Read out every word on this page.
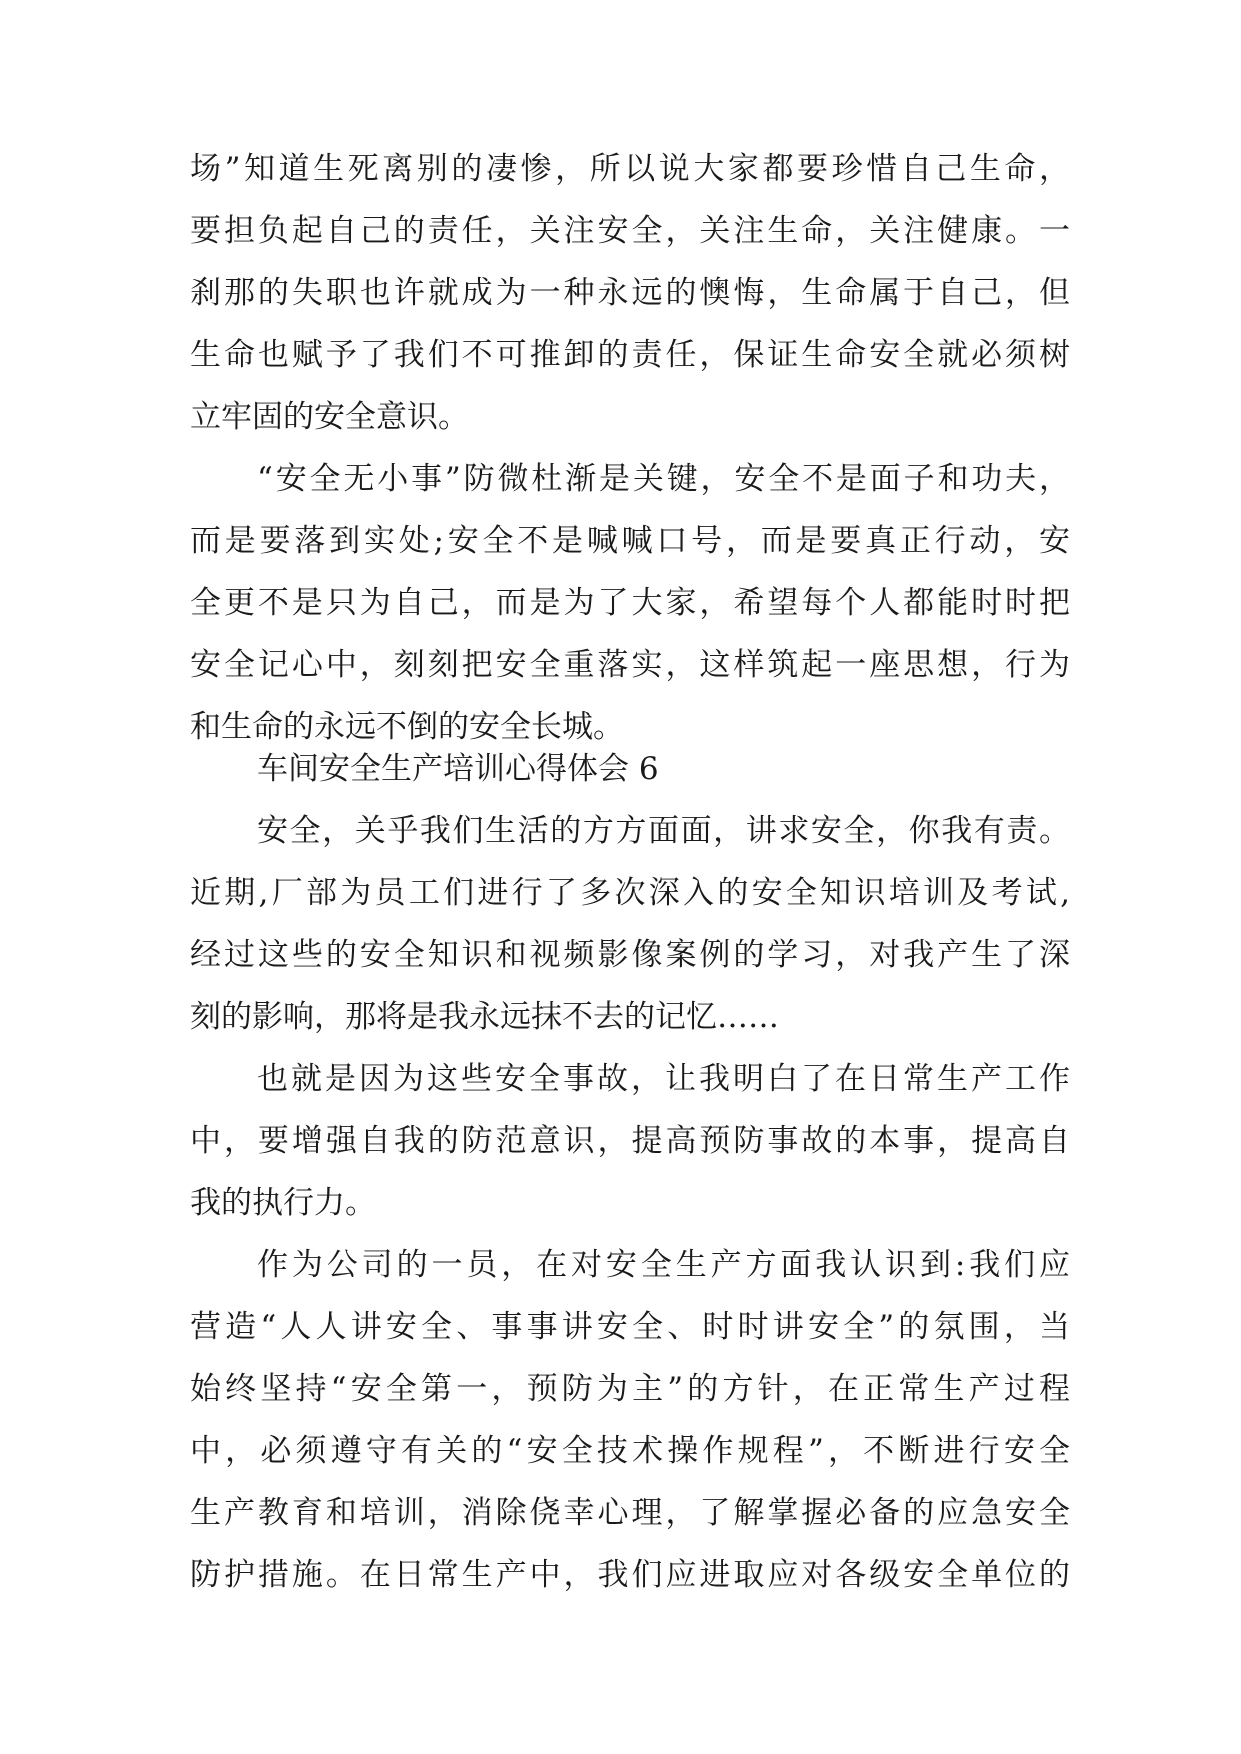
场”知道生死离别的凄惨，所以说大家都要珍惜自己生命，

要担负起自己的责任，关注安全，关注生命，关注健康。一

刹那的失职也许就成为一种永远的懊悔，生命属于自己，但

生命也赋予了我们不可推卸的责任，保证生命安全就必须树

立牢固的安全意识。

“安全无小事”防微杜渐是关键，安全不是面子和功夫，

而是要落到实处;安全不是喊喊口号，而是要真正行动，安

全更不是只为自己，而是为了大家，希望每个人都能时时把

安全记心中，刻刻把安全重落实，这样筑起一座思想，行为

和生命的永远不倒的安全长城。

车间安全生产培训心得体会 6

安全，关乎我们生活的方方面面，讲求安全，你我有责。

近期,厂部为员工们进行了多次深入的安全知识培训及考试,

经过这些的安全知识和视频影像案例的学习，对我产生了深

刻的影响，那将是我永远抹不去的记忆……

也就是因为这些安全事故，让我明白了在日常生产工作

中，要增强自我的防范意识，提高预防事故的本事，提高自

我的执行力。

作为公司的一员，在对安全生产方面我认识到:我们应

营造“人人讲安全、事事讲安全、时时讲安全”的氛围，当

始终坚持“安全第一，预防为主”的方针，在正常生产过程

中，必须遵守有关的“安全技术操作规程”，不断进行安全

生产教育和培训，消除侥幸心理，了解掌握必备的应急安全

防护措施。在日常生产中，我们应进取应对各级安全单位的
